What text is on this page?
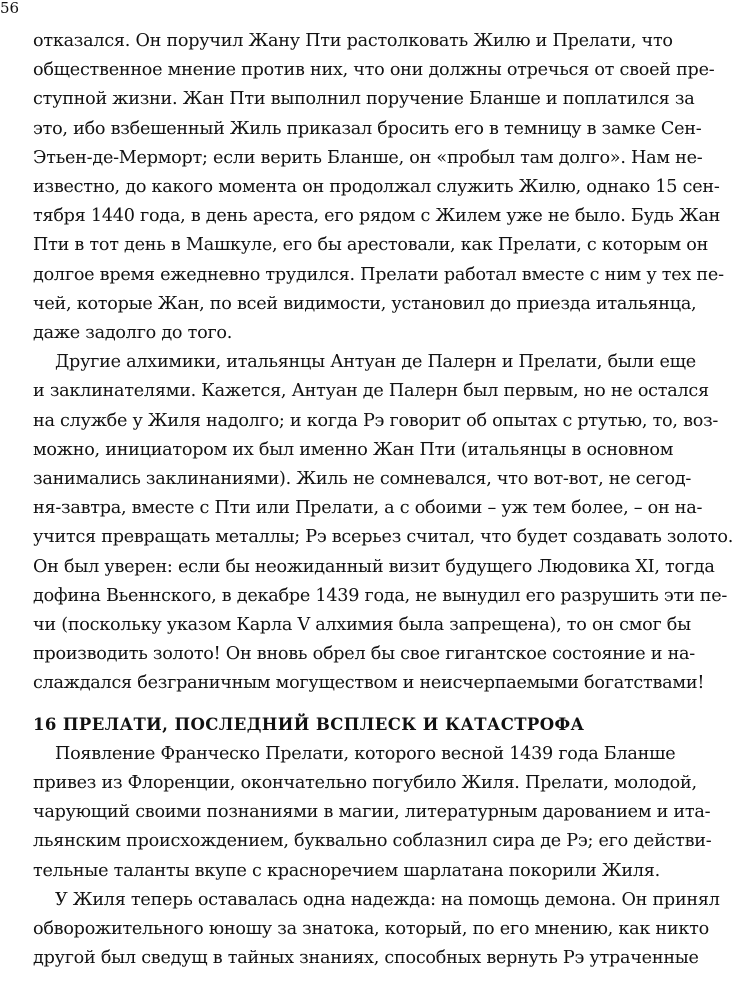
56
отказался. Он поручил Жану Пти растолковать Жилю и Прелати, что
общественное мнение против них, что они должны отречься от своей пре-
ступной жизни. Жан Пти выполнил поручение Бланше и поплатился за
это, ибо взбешенный Жиль приказал бросить его в темницу в замке Сен-
Этьен-де-Мермopт; если верить Бланше, он «пробыл там долго». Нам не-
известно, до какого момента он продолжал служить Жилю, однако 15 сен-
тября 1440 года, в день ареста, его рядом с Жилем уже не было. Будь Жан
Пти в тот день в Машкуле, его бы арестовали, как Прелати, с которым он
долгое время ежедневно трудился. Прелати работал вместе с ним у тех пе-
чей, которые Жан, по всей видимости, установил до приезда итальянца,
даже задолго до того.
Другие алхимики, итальянцы Антуан де Палерн и Прелати, были еще
и заклинателями. Кажется, Антуан де Палерн был первым, но не остался
на службе у Жиля надолго; и когда Рэ говорит об опытах с ртутью, то, воз-
можно, инициатором их был именно Жан Пти (итальянцы в основном
занимались заклинаниями). Жиль не сомневался, что вот-вот, не сегод-
ня-завтра, вместе с Пти или Прелати, а с обоими – уж тем более, – он на-
учится превращать металлы; Рэ всерьез считал, что будет создавать золото.
Он был уверен: если бы неожиданный визит будущего Людовика XI, тогда
дофина Вьеннского, в декабре 1439 года, не вынудил его разрушить эти пе-
чи (поскольку указом Карла V алхимия была запрещена), то он смог бы
производить золото! Он вновь обрел бы свое гигантское состояние и на-
слаждался безграничным могуществом и неисчерпаемыми богатствами!
16 ПРЕЛАТИ, ПОСЛЕДНИЙ ВСПЛЕСК И КАТАСТРОФА
Появление Франческо Прелати, которого весной 1439 года Бланше
привез из Флоренции, окончательно погубило Жиля. Прелати, молодой,
чарующий своими познаниями в магии, литературным дарованием и ита-
льянским происхождением, буквально соблазнил сира де Рэ; его действи-
тельные таланты вкупе с красноречием шарлатана покорили Жиля.
У Жиля теперь оставалась одна надежда: на помощь демона. Он принял
обворожительного юношу за знатока, который, по его мнению, как никто
другой был сведущ в тайных знаниях, способных вернуть Рэ утраченные
